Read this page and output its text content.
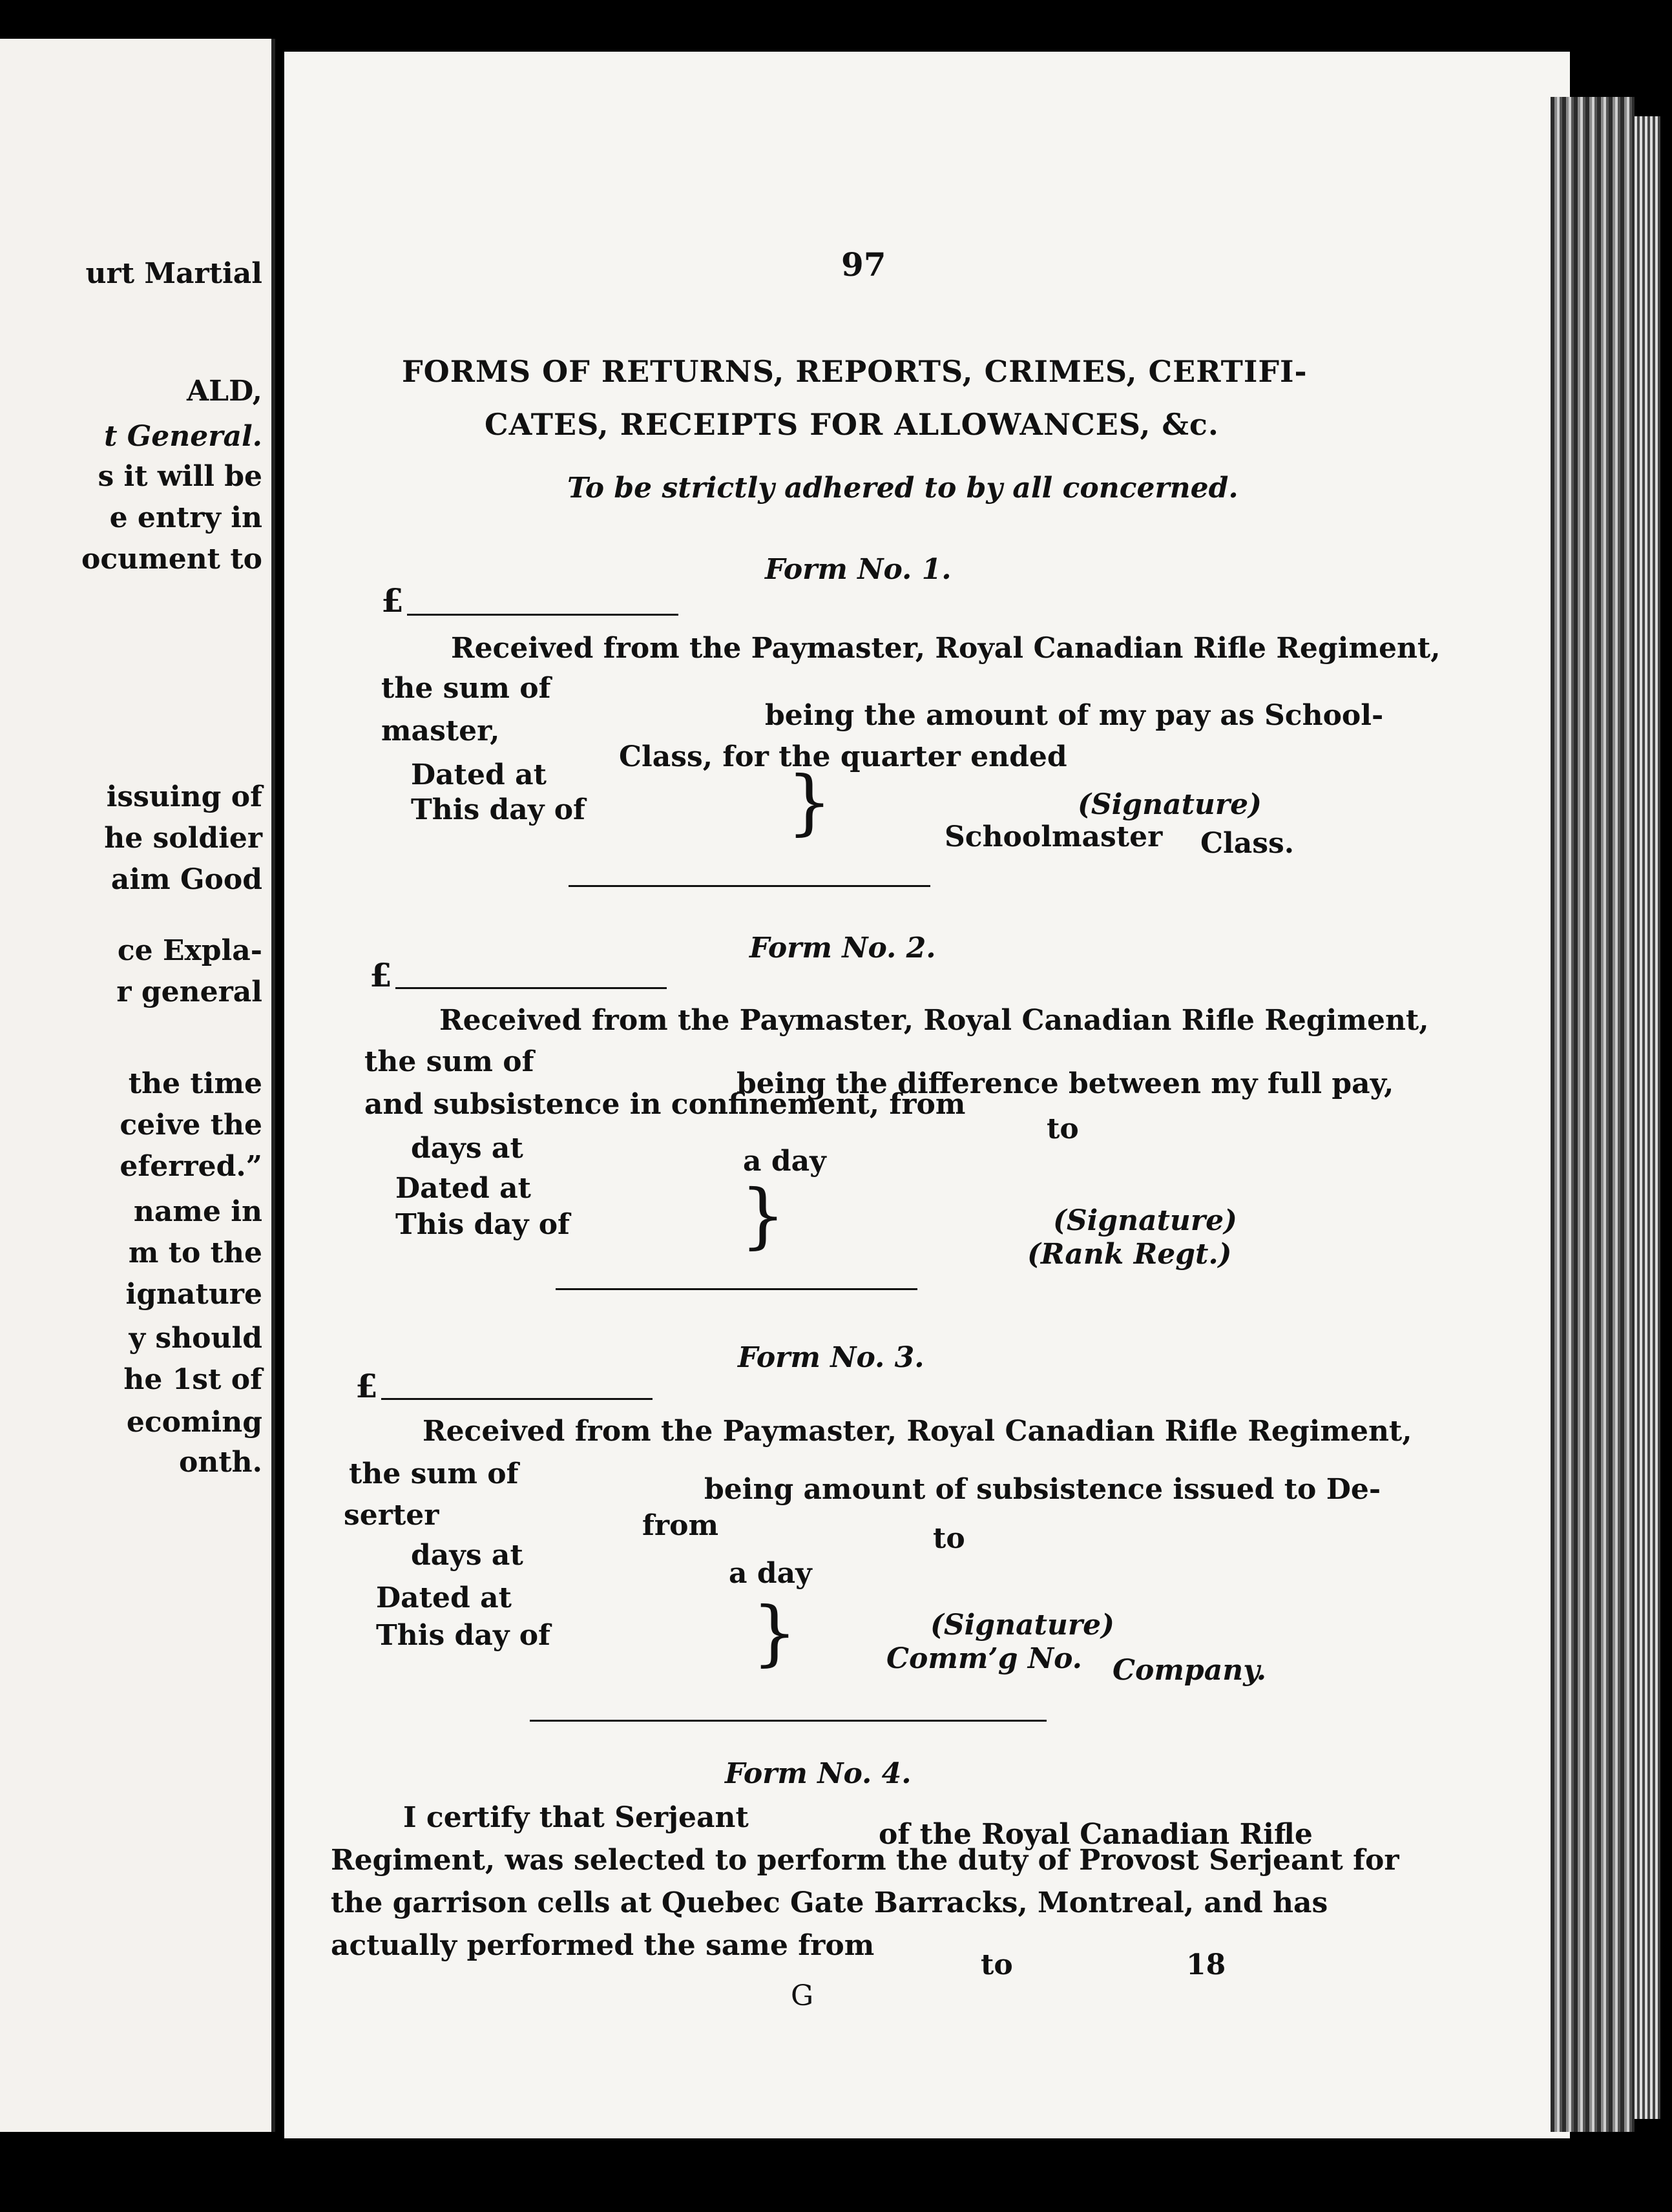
urt Martial
ALD,
t General.
s it will be
e entry in
ocument to
issuing of
he soldier
aim Good
ce Expla-
r general
the time
ceive the
eferred.”
name in
m to the
ignature
y should
he 1st of
ecoming
onth.
97
FORMS OF RETURNS, REPORTS, CRIMES, CERTIFI-
CATES, RECEIPTS FOR ALLOWANCES, &c.
To be strictly adhered to by all concerned.
Form No. 1.
£
Received from the Paymaster, Royal Canadian Rifle Regiment,
the sum of
being the amount of my pay as School-
master,
Class, for the quarter ended
Dated at
This day of	}	(Signature)
Schoolmaster Class.
Form No. 2.
£
Received from the Paymaster, Royal Canadian Rifle Regiment,
the sum of
being the difference between my full pay,
and subsistence in confinement, from
to
days at	a day
Dated at
This day of }	(Signature)
(Rank Regt.)
Form No. 3.
£
Received from the Paymaster, Royal Canadian Rifle Regiment,
the sum of	being amount of subsistence issued to De-
serter	from	to
days at
a day
Dated at
This day of	}	(Signature)
Comm’g No. Company.
Form No. 4.
I certify that Serjeant
of the Royal Canadian Rifle
Regiment, was selected to perform the duty of Provost Serjeant for
the garrison cells at Quebec Gate Barracks, Montreal, and has
actually performed the same from
to	18
G
